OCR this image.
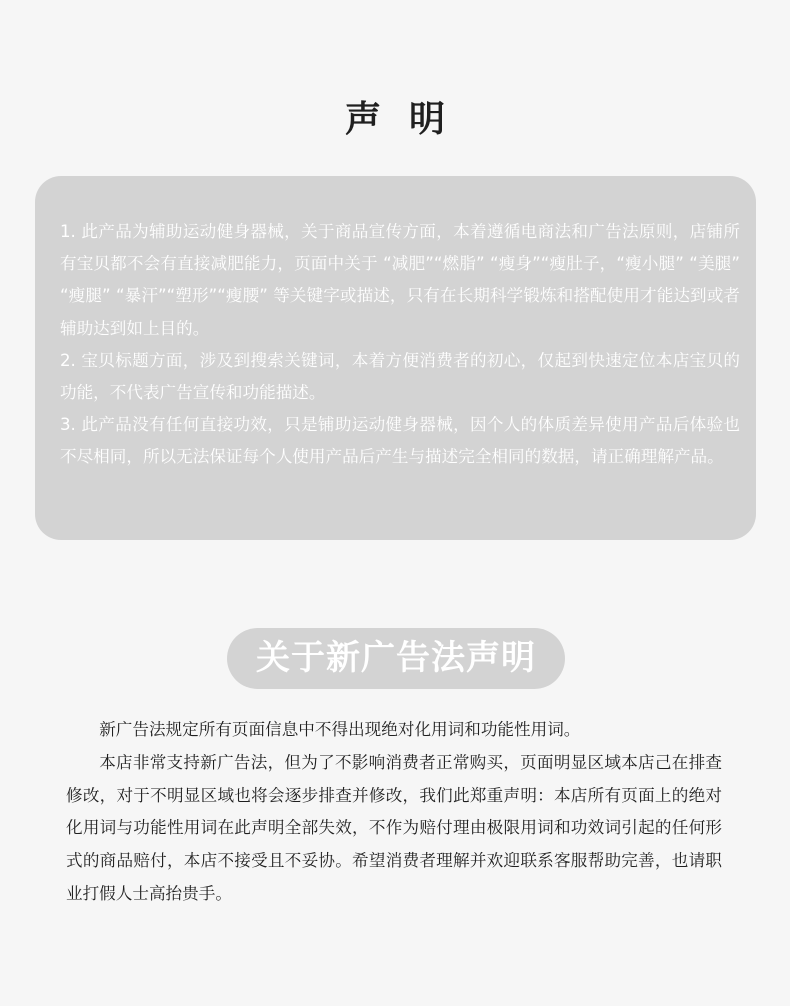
声明

1. 此产品为辅助运动健身器械，关于商品宣传方面，本着遵循电商法和广告法原则，店铺所有宝贝都不会有直接减肥能力，页面中关于 “减肥”“燃脂” “瘦身”“瘦肚子，“瘦小腿” “美腿” “瘦腿” “暴汗”“塑形”“瘦腰” 等关键字或描述，只有在长期科学锻炼和搭配使用才能达到或者辅助达到如上目的。

2. 宝贝标题方面，涉及到搜索关键词，本着方便消费者的初心，仅起到快速定位本店宝贝的功能，不代表广告宣传和功能描述。

3. 此产品没有任何直接功效，只是铺助运动健身器械，因个人的体质差异使用产品后体验也不尽相同，所以无法保证每个人使用产品后产生与描述完全相同的数据，请正确理解产品。

关于新广告法声明

新广告法规定所有页面信息中不得出现绝对化用词和功能性用词。

本店非常支持新广告法，但为了不影响消费者正常购买，页面明显区域本店己在排查修改，对于不明显区域也将会逐步排查并修改，我们此郑重声明：本店所有页面上的绝对化用词与功能性用词在此声明全部失效，不作为赔付理由极限用词和功效词引起的任何形式的商品赔付，本店不接受且不妥协。希望消费者理解并欢迎联系客服帮助完善，也请职业打假人士高抬贵手。
